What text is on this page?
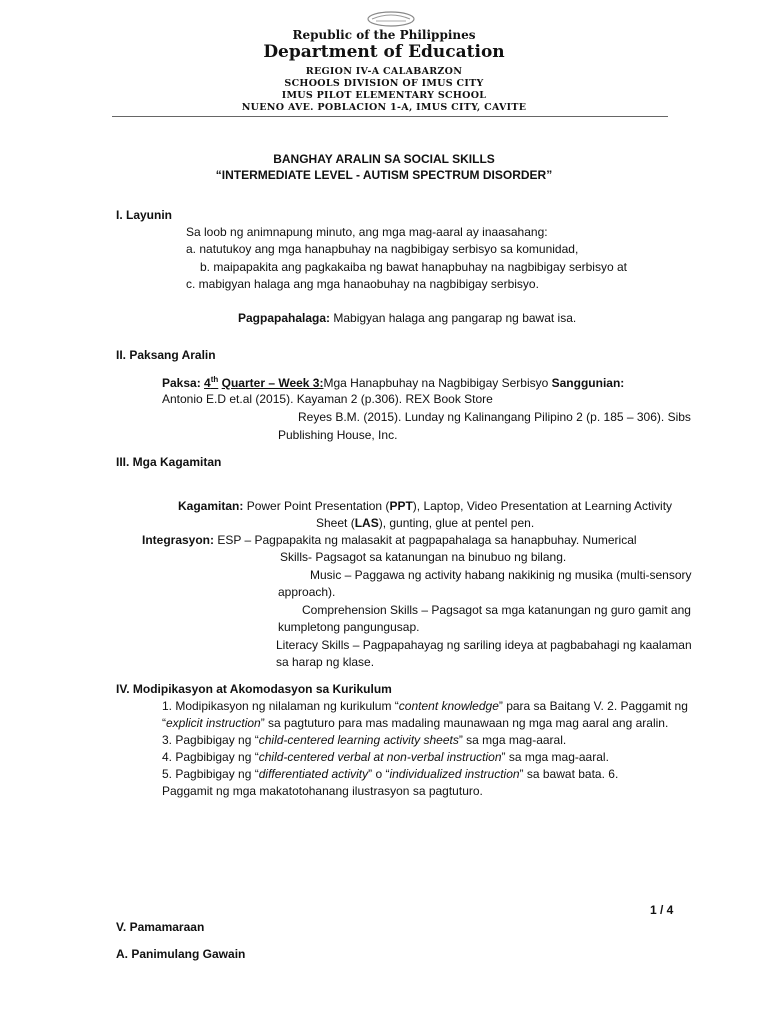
Republic of the Philippines
Department of Education
REGION IV-A CALABARZON
SCHOOLS DIVISION OF IMUS CITY
IMUS PILOT ELEMENTARY SCHOOL
NUENO AVE. POBLACION 1-A, IMUS CITY, CAVITE
BANGHAY ARALIN SA SOCIAL SKILLS
“INTERMEDIATE LEVEL - AUTISM SPECTRUM DISORDER”
I. Layunin
Sa loob ng animnapung minuto, ang mga mag-aaral ay inaasahang:
a. natutukoy ang mga hanapbuhay na nagbibigay serbisyo sa komunidad,
b. maipapakita ang pagkakaiba ng bawat hanapbuhay na nagbibigay serbisyo at
c. mabigyan halaga ang mga hanaobuhay na nagbibigay serbisyo.
Pagpapahalaga: Mabigyan halaga ang pangarap ng bawat isa.
II. Paksang Aralin
Paksa: 4th Quarter – Week 3:Mga Hanapbuhay na Nagbibigay Serbisyo Sanggunian:
Antonio E.D et.al (2015). Kayaman 2 (p.306). REX Book Store
Reyes B.M. (2015). Lunday ng Kalinangang Pilipino 2 (p. 185 – 306). Sibs
Publishing House, Inc.
III. Mga Kagamitan
Kagamitan: Power Point Presentation (PPT), Laptop, Video Presentation at Learning Activity
Sheet (LAS), gunting, glue at pentel pen.
Integrasyon: ESP – Pagpapakita ng malasakit at pagpapahalaga sa hanapbuhay. Numerical
Skills- Pagsagot sa katanungan na binubuo ng bilang.
Music – Paggawa ng activity habang nakikinig ng musika (multi-sensory
approach).
Comprehension Skills – Pagsagot sa mga katanungan ng guro gamit ang
kumpletong pangungusap.
Literacy Skills – Pagpapahayag ng sariling ideya at pagbabahagi ng kaalaman
sa harap ng klase.
IV. Modipikasyon at Akomodasyon sa Kurikulum
1. Modipikasyon ng nilalaman ng kurikulum “content knowledge” para sa Baitang V. 2. Paggamit ng
“explicit instruction” sa pagtuturo para mas madaling maunawaan ng mga mag aaral ang aralin.
3. Pagbibigay ng “child-centered learning activity sheets” sa mga mag-aaral.
4. Pagbibigay ng “child-centered verbal at non-verbal instruction” sa mga mag-aaral.
5. Pagbibigay ng “differentiated activity” o “individualized instruction” sa bawat bata. 6.
Paggamit ng mga makatotohanang ilustrasyon sa pagtuturo.
1 / 4
V. Pamamaraan
A. Panimulang Gawain
